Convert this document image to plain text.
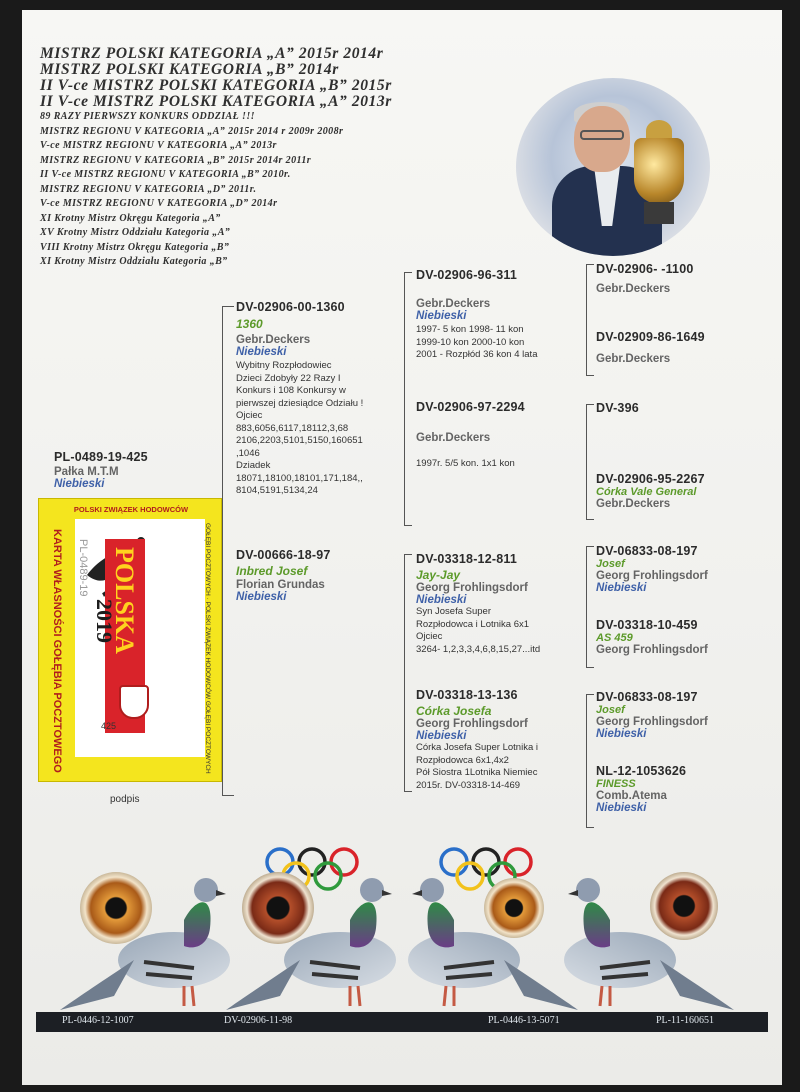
MISTRZ POLSKI KATEGORIA „A” 2015r 2014r
MISTRZ POLSKI KATEGORIA „B” 2014r
II V-ce MISTRZ POLSKI KATEGORIA „B” 2015r
II V-ce MISTRZ POLSKI KATEGORIA „A” 2013r
89 RAZY PIERWSZY KONKURS ODDZIAŁ !!!
MISTRZ REGIONU V KATEGORIA „A” 2015r 2014 r 2009r 2008r
V-ce MISTRZ REGIONU V KATEGORIA „A” 2013r
MISTRZ REGIONU V KATEGORIA „B” 2015r 2014r 2011r
II V-ce MISTRZ REGIONU V KATEGORIA „B” 2010r.
MISTRZ REGIONU V KATEGORIA „D” 2011r.
V-ce MISTRZ REGIONU V KATEGORIA „D” 2014r
XI Krotny Mistrz Okręgu Kategoria „A”
XV Krotny Mistrz Oddziału Kategoria „A”
VIII Krotny Mistrz Okręgu Kategoria „B”
XI Krotny Mistrz Oddziału Kategoria „B”
PL-0489-19-425
Pałka M.T.M
Niebieski
POLSKI ZWIĄZEK HODOWCÓW
POLSKA
2019
PL-0489-19
425
KARTA WŁASNOŚCI GOŁĘBIA POCZTOWEGO	GOŁĘBI POCZTOWYCH · POLSKI ZWIĄZEK HODOWCÓW GOŁĘBI POCZTOWYCH
podpis
DV-02906-00-1360
1360
Gebr.Deckers
Niebieski
Wybitny Rozpłodowiec
Dzieci Zdobyły 22 Razy I
Konkurs i 108 Konkursy w
pierwszej dziesiądce Odziału !
Ojciec
883,6056,6117,18112,3,68
2106,2203,5101,5150,160651
,1046
Dziadek
18071,18100,18101,171,184,,
8104,5191,5134,24
DV-00666-18-97
Inbred Josef
Florian Grundas
Niebieski
DV-02906-96-311
Gebr.Deckers
Niebieski
1997- 5 kon 1998- 11 kon
1999-10 kon 2000-10 kon
2001 - Rozpłód 36 kon 4 lata
DV-02906-97-2294
Gebr.Deckers
1997r. 5/5 kon. 1x1 kon
DV-03318-12-811
Jay-Jay
Georg Frohlingsdorf
Niebieski
Syn Josefa Super
Rozpłodowca i Lotnika 6x1
Ojciec
3264- 1,2,3,3,4,6,8,15,27...itd
DV-03318-13-136
Córka Josefa
Georg Frohlingsdorf
Niebieski
Córka Josefa Super Lotnika i
Rozpłodowca 6x1,4x2
Pół Siostra 1Lotnika Niemiec
2015r. DV-03318-14-469
DV-02906- -1100
Gebr.Deckers
DV-02909-86-1649
Gebr.Deckers
DV-396
DV-02906-95-2267
Córka Vale General
Gebr.Deckers
DV-06833-08-197
Josef
Georg Frohlingsdorf
Niebieski
DV-03318-10-459
AS 459
Georg Frohlingsdorf
DV-06833-08-197
Josef
Georg Frohlingsdorf
Niebieski
NL-12-1053626
FINESS
Comb.Atema
Niebieski
PL-0446-12-1007	DV-02906-11-98	PL-0446-13-5071	PL-11-160651
